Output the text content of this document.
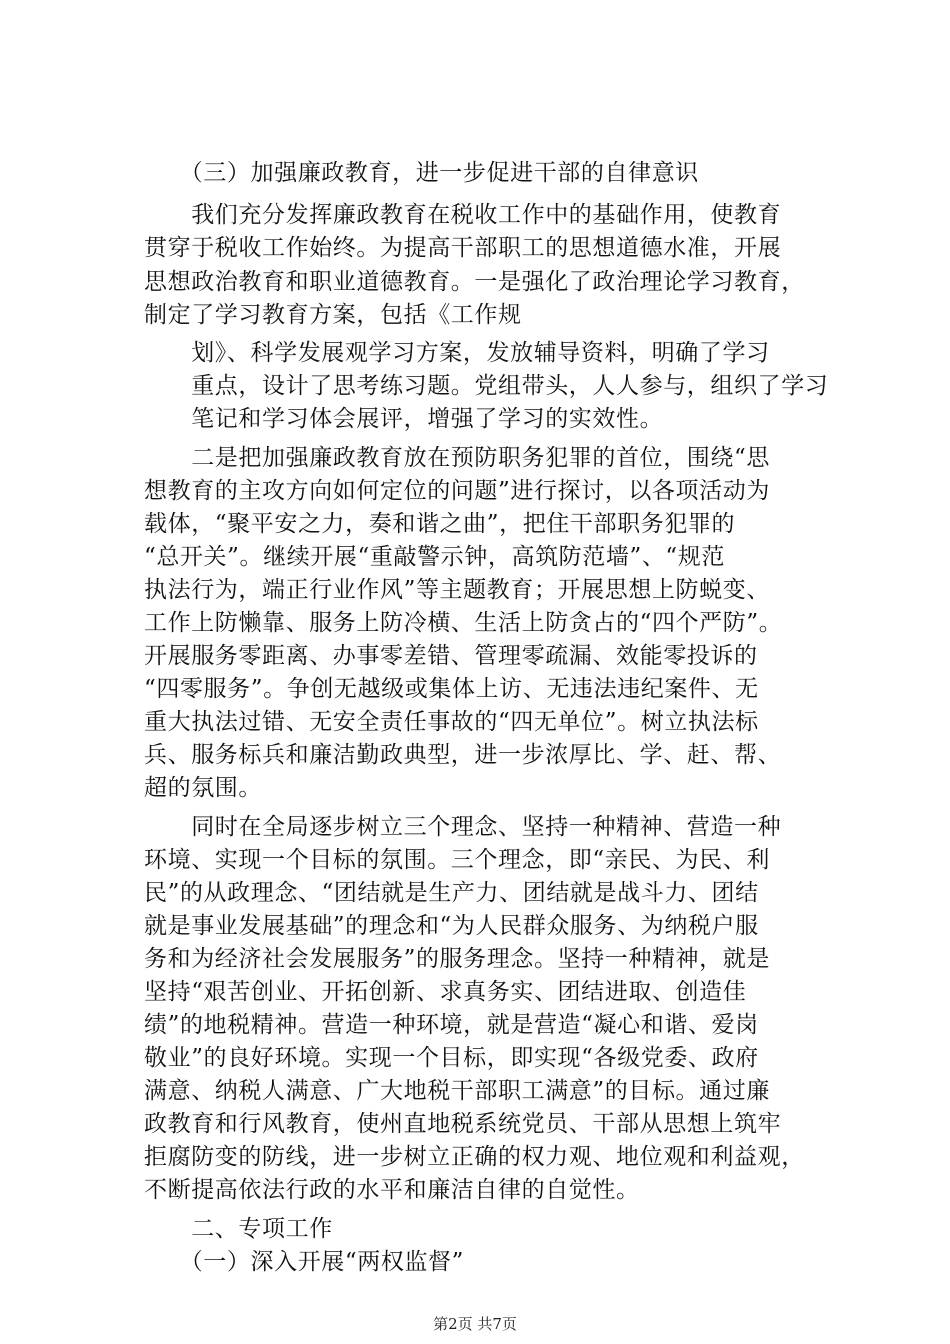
　　（三）加强廉政教育，进一步促进干部的自律意识
　　我们充分发挥廉政教育在税收工作中的基础作用，使教育
贯穿于税收工作始终。为提高干部职工的思想道德水准，开展
思想政治教育和职业道德教育。一是强化了政治理论学习教育，
制定了学习教育方案，包括《工作规
　　划》、科学发展观学习方案，发放辅导资料，明确了学习
　　重点，设计了思考练习题。党组带头，人人参与，组织了学习
　　笔记和学习体会展评，增强了学习的实效性。
　　二是把加强廉政教育放在预防职务犯罪的首位，围绕“思
想教育的主攻方向如何定位的问题”进行探讨，以各项活动为
载体，“聚平安之力，奏和谐之曲”，把住干部职务犯罪的
“总开关”。继续开展“重敲警示钟，高筑防范墙”、“规范
执法行为，端正行业作风”等主题教育；开展思想上防蜕变、
工作上防懒靠、服务上防冷横、生活上防贪占的“四个严防”。
开展服务零距离、办事零差错、管理零疏漏、效能零投诉的
“四零服务”。争创无越级或集体上访、无违法违纪案件、无
重大执法过错、无安全责任事故的“四无单位”。树立执法标
兵、服务标兵和廉洁勤政典型，进一步浓厚比、学、赶、帮、
超的氛围。
　　同时在全局逐步树立三个理念、坚持一种精神、营造一种
环境、实现一个目标的氛围。三个理念，即“亲民、为民、利
民”的从政理念、“团结就是生产力、团结就是战斗力、团结
就是事业发展基础”的理念和“为人民群众服务、为纳税户服
务和为经济社会发展服务”的服务理念。坚持一种精神，就是
坚持“艰苦创业、开拓创新、求真务实、团结进取、创造佳
绩”的地税精神。营造一种环境，就是营造“凝心和谐、爱岗
敬业”的良好环境。实现一个目标，即实现“各级党委、政府
满意、纳税人满意、广大地税干部职工满意”的目标。通过廉
政教育和行风教育，使州直地税系统党员、干部从思想上筑牢
拒腐防变的防线，进一步树立正确的权力观、地位观和利益观，
不断提高依法行政的水平和廉洁自律的自觉性。
　　二、专项工作
　　（一）深入开展“两权监督”
第2页 共7页
